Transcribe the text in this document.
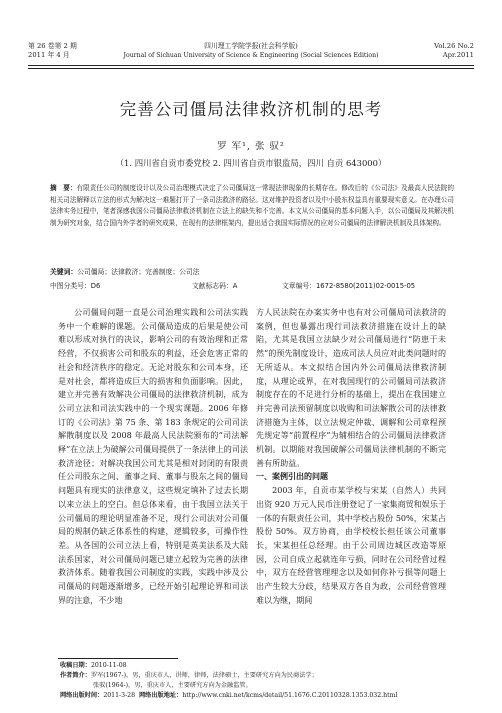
第 26 卷第 2 期
2011 年 4 月
四川理工学院学报(社会科学版)
Journal of Sichuan University of Science & Engineering (Social Sciences Edition)
Vol.26 No.2
Apr.2011
完善公司僵局法律救济机制的思考
罗 军¹, 张 驭²
（1. 四川省自贡市委党校 2. 四川省自贡市银监局，四川 自贡 643000）
摘　要：有限责任公司的制度设计以及公司治理模式决定了公司僵局这一常现法律现象的长期存在。修改后的《公司法》及最高人民法院的相关司法解释以立法的形式为解决这一难题打开了一条司法救济的路径。这对维护投资者以及中小股东权益具有重要现实意义。在办理公司法律实务过程中，笔者深感我国公司僵局法律救济机制在立法上的缺失和不完善。本文从公司僵局的基本问题入手，以公司僵局及其解决机制为研究对象，结合国内外学者的研究成果，在现有的法律框架内，提出适合我国实际情况的应对公司僵局的法律解决机制及具体架构。
关键词：公司僵局；法律救济；完善制度；公司法
中图分类号：D6	文献标志码：A	文章编号：1672-8580(2011)02-0015-05

公司僵局问题一直是公司治理实践和公司法实践务中一个难解的课题。公司僵局造成的后果是使公司难以形成对执行的决议，影响公司的有效治理和正常经营，不仅损害公司和股东的利益，还会危害正常的社会和经济秩序的稳定。无论对股东和公司本身，还是对社会，都将造成巨大的损害和负面影响。因此，建立并完善有效解决公司僵局的法律救济机制，成为公司立法和司法实践中的一个现实课题。2006 年修订的《公司法》第 75 条、第 183 条规定的公司司法解散制度以及 2008 年最高人民法院颁布的“司法解释”在立法上为破解公司僵局提供了一条法律上的司法救济途径；对解决我国公司尤其是相对封闭的有限责任公司股东之间、董事之间、董事与股东之间的僵局问题具有现实的法律意义，这些规定填补了过去长期以来立法上的空白。但总体来看，由于我国立法关于公司僵局的理论明显准备不足，现行公司法对公司僵局的规制仍缺乏体系性的构建，逻辑较多，可操作性差。从各国的公司立法上看，特别是英美法系及大陆法系国家，对公司僵局问题已建立起较为完善的法律救济体系。随着我国公司制度的实践，实践中涉及公司僵局的问题逐渐增多，已经开始引起理论界和司法界的注意，不少地

方人民法院在办案实务中也有对公司僵局司法救济的案例，但也暴露出现行司法救济措施在设计上的缺陷，尤其是我国立法缺少对公司僵局进行“防患于未然”的预先制度设计，造成司法人员应对此类问题时的无所适从。本文拟结合国内外公司僵局法律救济制度，从理论或界，在对我国现行的公司僵局司法救济制度存在的不足进行分析的基础上，提出在我国建立并完善司法预留制度以收购和司法解散公司的法律救济措施为主体，以立法规定仲裁、调解和公司章程预先规定等“前置程序”为辅相结合的公司僵局法律救济机制。以期能对我国破解公司僵局法律机制的不断完善有所助益。

一、案例引出的问题

2003 年，自贡市某学校与宋某（自然人）共同出资 920 万元人民币注册登记了一家集商贸和娱乐于一体的有限责任公司，其中学校占股份 50%，宋某占股份 50%。双方协商，由学校校长担任该公司董事长，宋某担任总经理。由于公司周边城区改造等原因，公司自成立起就连年亏损，同时在公司经营过程中，双方在经营管理理念以及如何你补亏损等问题上出产生较大分歧，结果双方各自为政，公司经营管理难以为继，期间

收稿日期：2010-11-08
作者简介：罗军(1967-)，男，重庆市人，讲师，律师，法律硕士，主要研究方向为民商法学；
张驭(1964-)，男，重庆市人，主要研究方向为金融监管。
网络出版时间：2011-3-28 网络出版地址：http://www.cnki.net/kcms/detail/51.1676.C.20110328.1353.032.html
